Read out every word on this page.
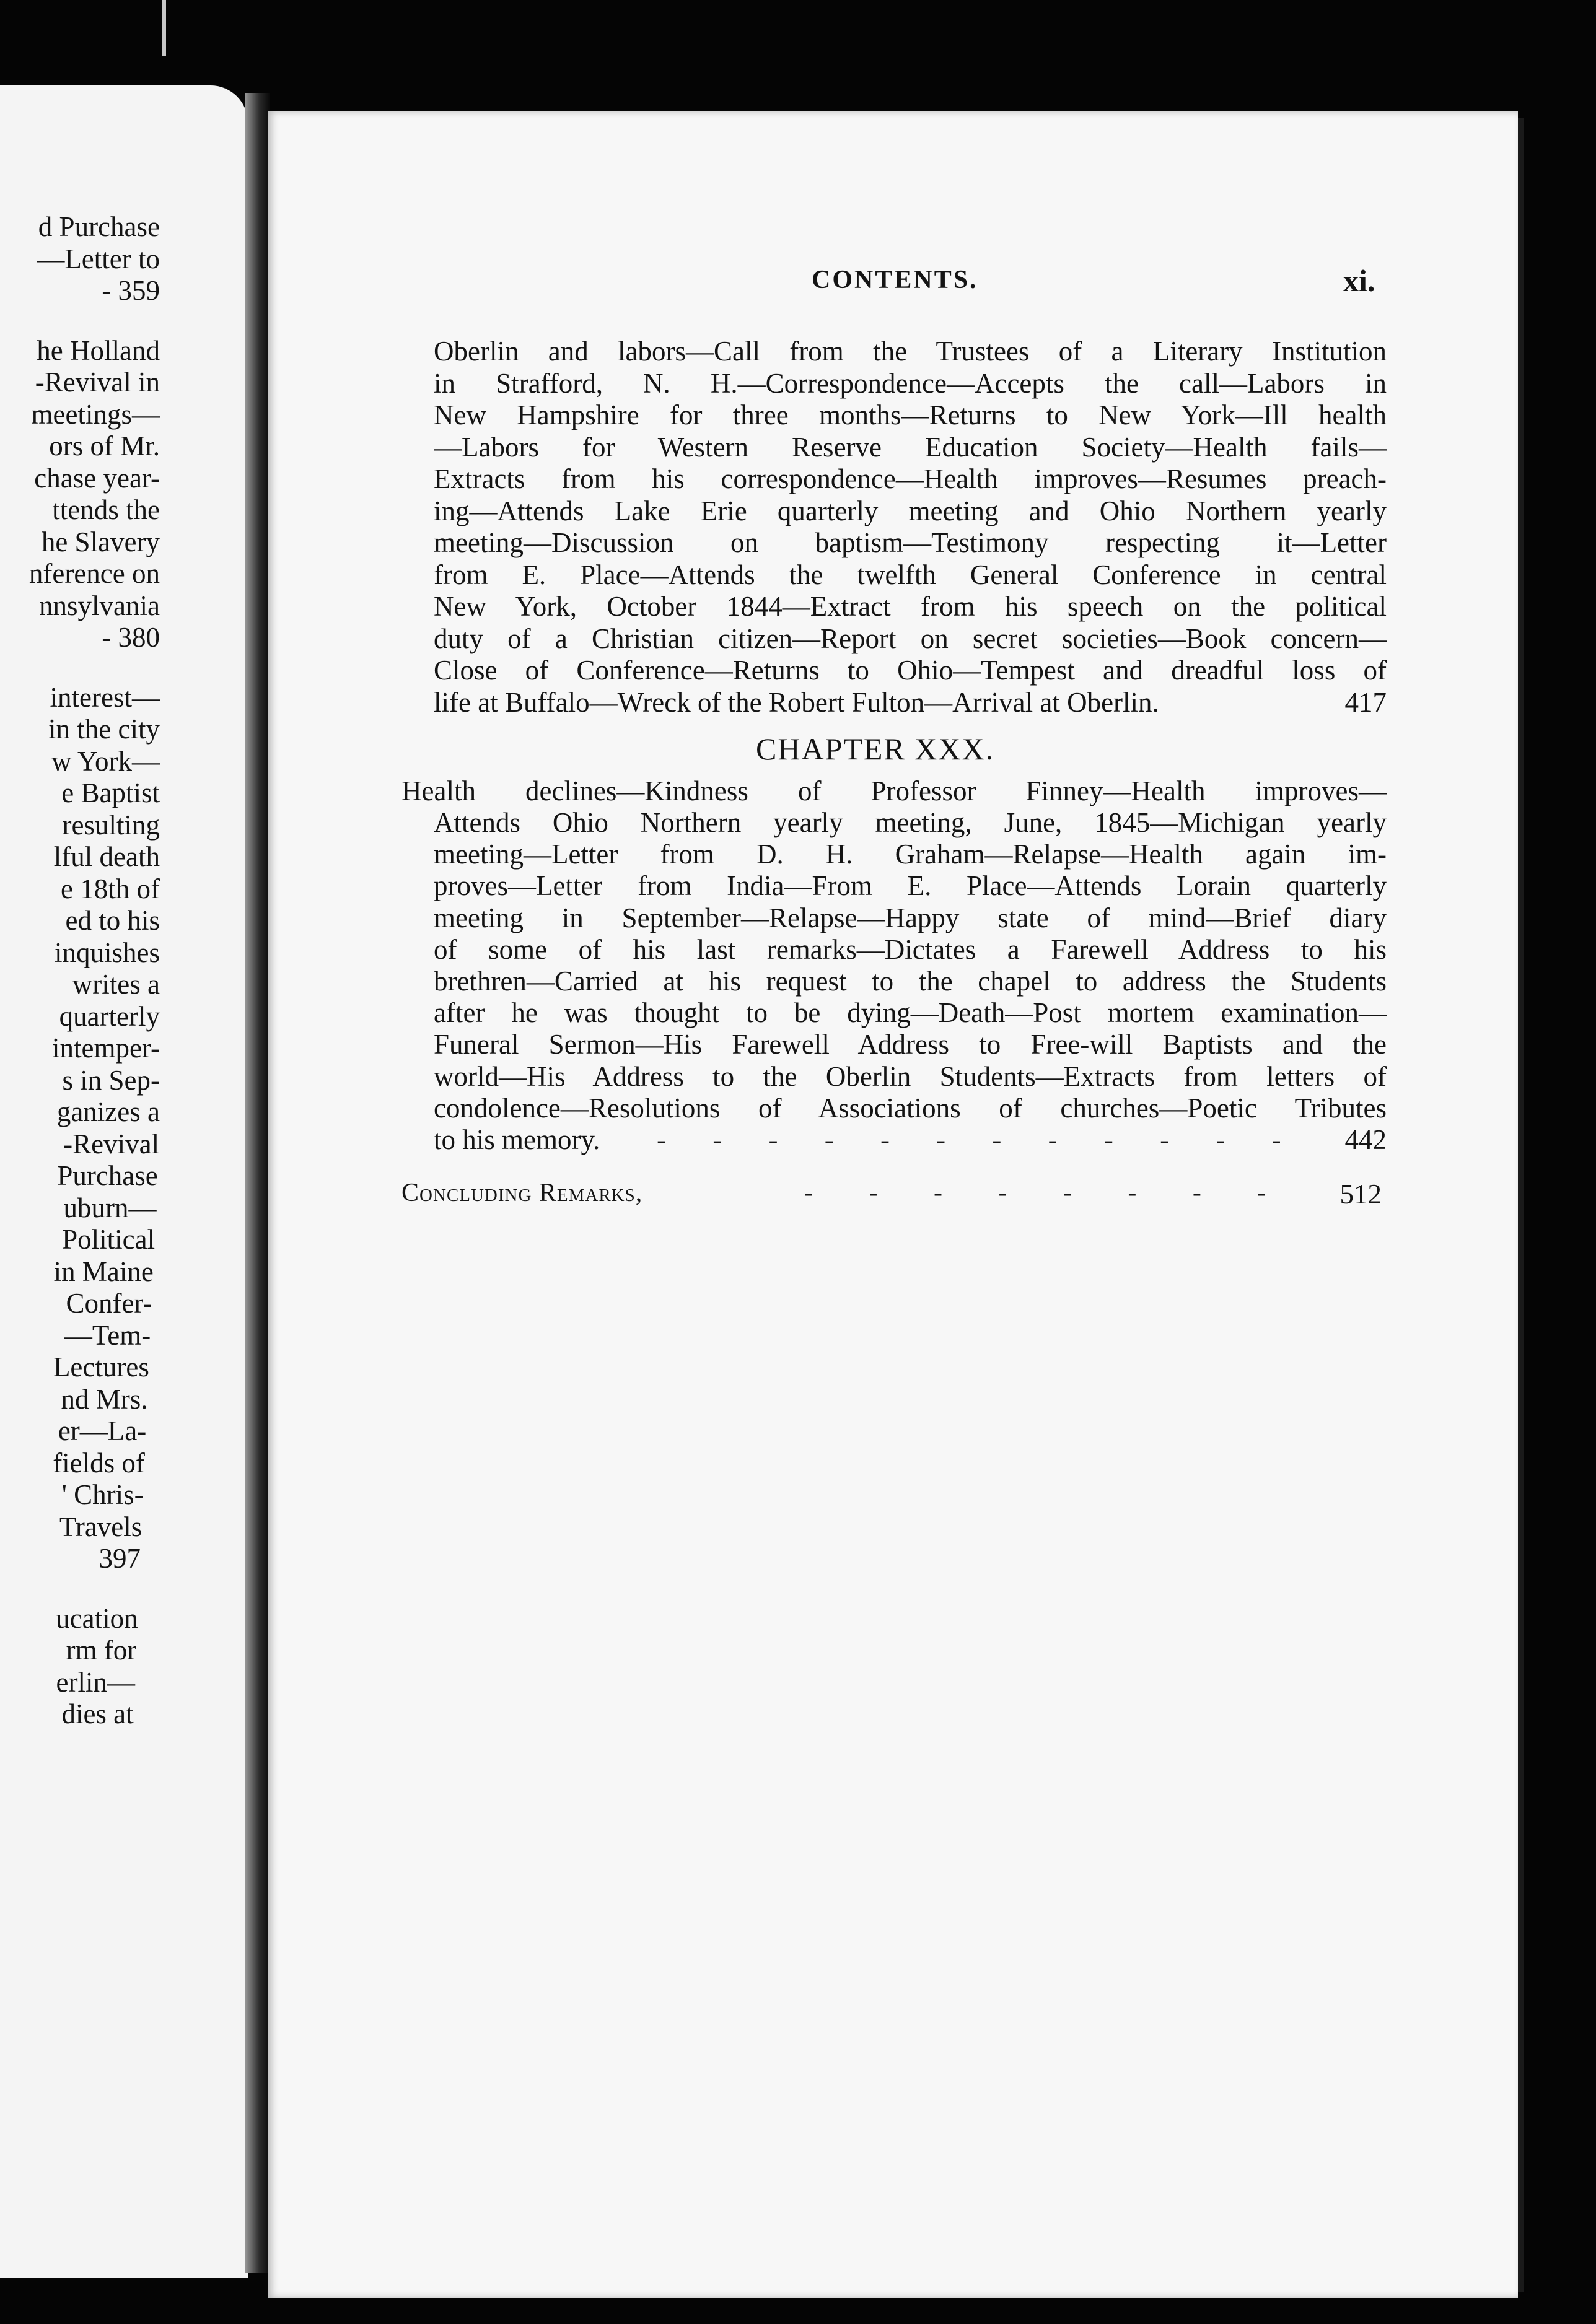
d Purchase
—Letter to
- 359
he Holland
-Revival in
meetings—
ors of Mr.
chase year-
ttends the
he Slavery
nference on
nnsylvania
- 380
interest—
in the city
w York—
e Baptist
resulting
lful death
e 18th of
ed to his
inquishes
writes a
quarterly
intemper-
s in Sep-
ganizes a
-Revival
Purchase
uburn—
Political
in Maine
Confer-
—Tem-
Lectures
nd Mrs.
er—La-
fields of
' Chris-
Travels
397
ucation
rm for
erlin—
dies at
CONTENTS.	xi.
Oberlin and labors—Call from the Trustees of a Literary Institution
in Strafford, N. H.—Correspondence—Accepts the call—Labors in
New Hampshire for three months—Returns to New York—Ill health
—Labors for Western Reserve Education Society—Health fails—
Extracts from his correspondence—Health improves—Resumes preach-
ing—Attends Lake Erie quarterly meeting and Ohio Northern yearly
meeting—Discussion on baptism—Testimony respecting it—Letter
from E. Place—Attends the twelfth General Conference in central
New York, October 1844—Extract from his speech on the political
duty of a Christian citizen—Report on secret societies—Book concern—
Close of Conference—Returns to Ohio—Tempest and dreadful loss of
life at Buffalo—Wreck of the Robert Fulton—Arrival at Oberlin.	417
CHAPTER XXX.
Health declines—Kindness of Professor Finney—Health improves—
Attends Ohio Northern yearly meeting, June, 1845—Michigan yearly
meeting—Letter from D. H. Graham—Relapse—Health again im-
proves—Letter from India—From E. Place—Attends Lorain quarterly
meeting in September—Relapse—Happy state of mind—Brief diary
of some of his last remarks—Dictates a Farewell Address to his
brethren—Carried at his request to the chapel to address the Students
after he was thought to be dying—Death—Post mortem examination—
Funeral Sermon—His Farewell Address to Free-will Baptists and the
world—His Address to the Oberlin Students—Extracts from letters of
condolence—Resolutions of Associations of churches—Poetic Tributes
to his memory. - - - - - - - - - - - - 442
Concluding Remarks,	- - - - - - - - 512
